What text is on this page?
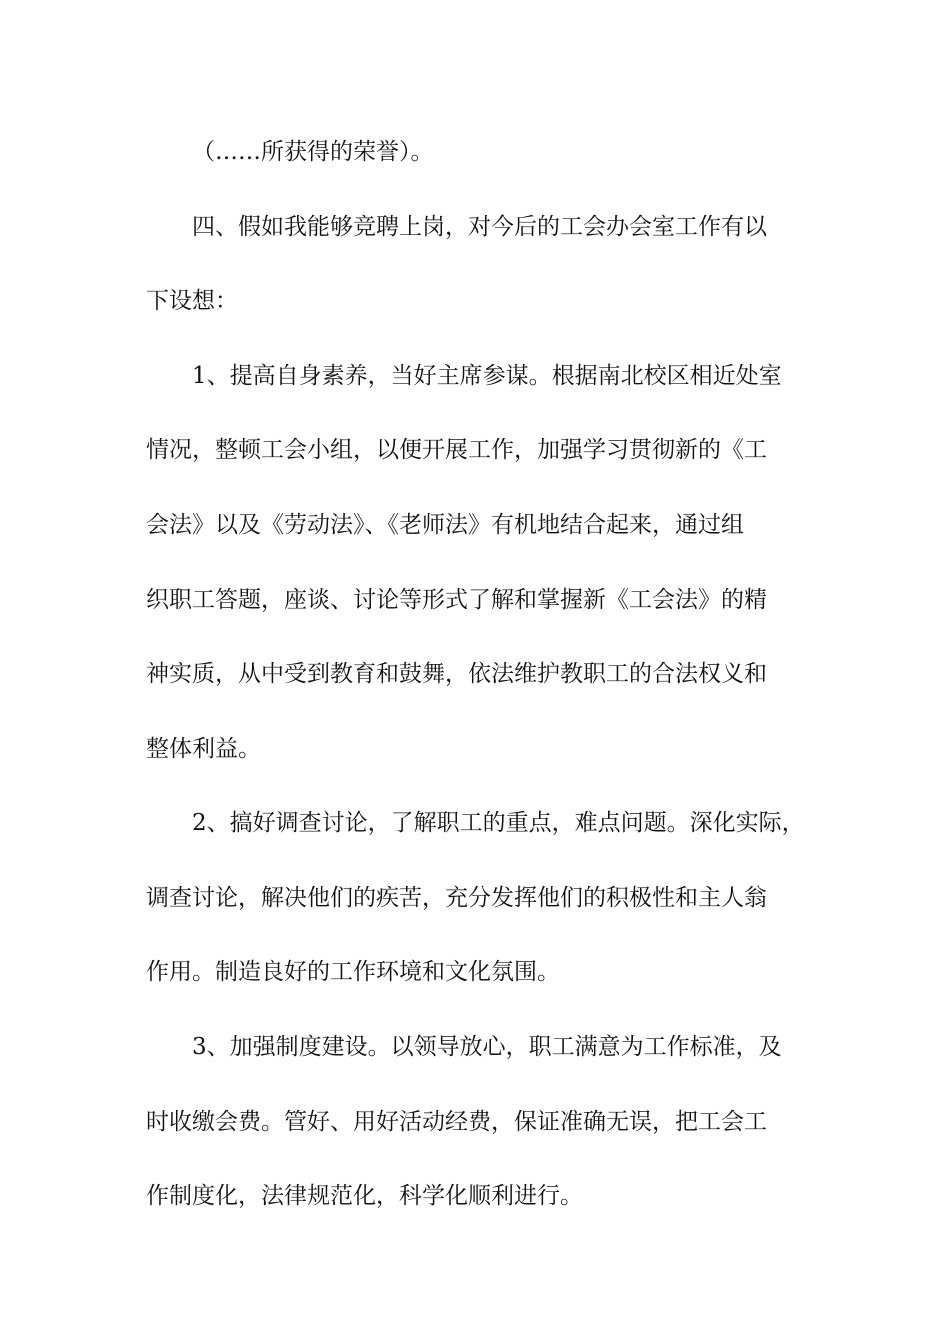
（……所获得的荣誉）。

四、假如我能够竞聘上岗，对今后的工会办会室工作有以

下设想：

1、提高自身素养，当好主席参谋。根据南北校区相近处室

情况，整顿工会小组，以便开展工作，加强学习贯彻新的《工

会法》以及《劳动法》、《老师法》有机地结合起来，通过组

织职工答题，座谈、讨论等形式了解和掌握新《工会法》的精

神实质，从中受到教育和鼓舞，依法维护教职工的合法权义和

整体利益。

2、搞好调查讨论，了解职工的重点，难点问题。深化实际，

调查讨论，解决他们的疾苦，充分发挥他们的积极性和主人翁

作用。制造良好的工作环境和文化氛围。

3、加强制度建设。以领导放心，职工满意为工作标准，及

时收缴会费。管好、用好活动经费，保证准确无误，把工会工

作制度化，法律规范化，科学化顺利进行。
